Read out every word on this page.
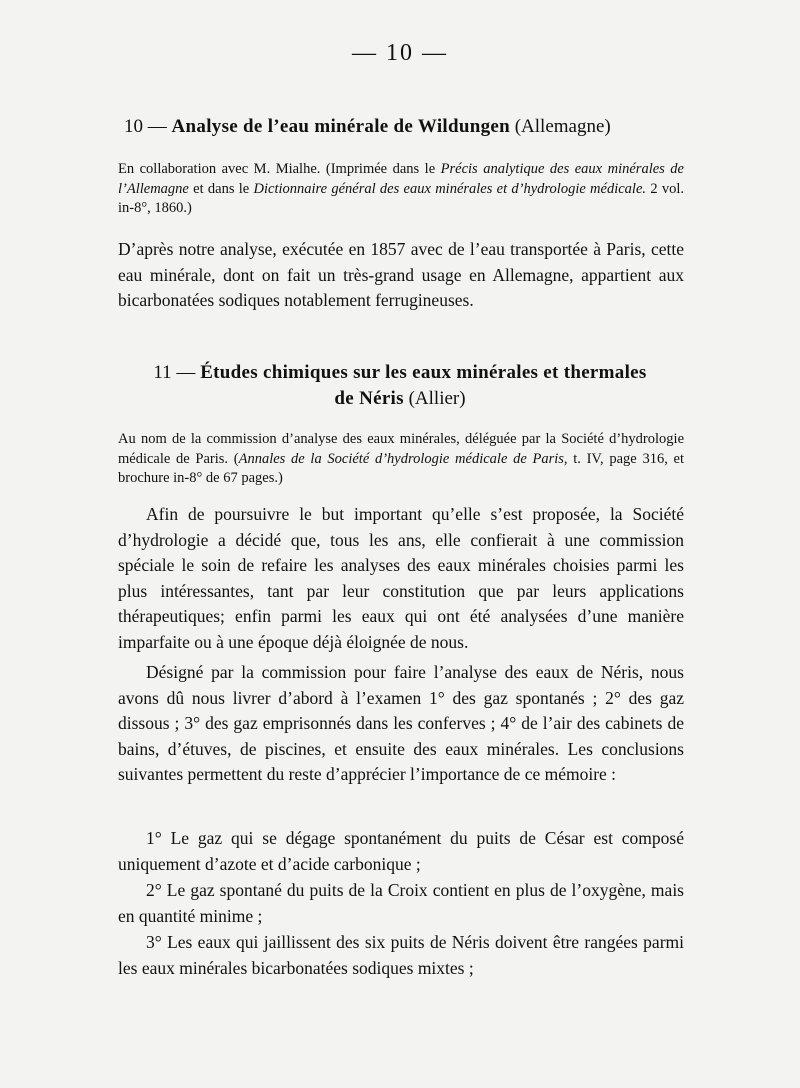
— 10 —
10 — Analyse de l’eau minérale de Wildungen (Allemagne)
En collaboration avec M. Mialhe. (Imprimée dans le Précis analytique des eaux minérales de l’Allemagne et dans le Dictionnaire général des eaux minérales et d’hydrologie médicale. 2 vol. in-8°, 1860.)

D’après notre analyse, exécutée en 1857 avec de l’eau transportée à Paris, cette eau minérale, dont on fait un très-grand usage en Allemagne, appartient aux bicarbonatées sodiques notablement ferrugineuses.

11 — Études chimiques sur les eaux minérales et thermales
de Néris (Allier)
Au nom de la commission d’analyse des eaux minérales, déléguée par la Société d’hydrologie médicale de Paris. (Annales de la Société d’hydrologie médicale de Paris, t. IV, page 316, et brochure in-8° de 67 pages.)

Afin de poursuivre le but important qu’elle s’est proposée, la Société d’hydrologie a décidé que, tous les ans, elle confierait à une commission spéciale le soin de refaire les analyses des eaux minérales choisies parmi les plus intéressantes, tant par leur constitution que par leurs applications thérapeutiques; enfin parmi les eaux qui ont été analysées d’une manière imparfaite ou à une époque déjà éloignée de nous.

Désigné par la commission pour faire l’analyse des eaux de Néris, nous avons dû nous livrer d’abord à l’examen 1° des gaz spontanés ; 2° des gaz dissous ; 3° des gaz emprisonnés dans les conferves ; 4° de l’air des cabinets de bains, d’étuves, de piscines, et ensuite des eaux minérales. Les conclusions suivantes permettent du reste d’apprécier l’importance de ce mémoire :

1° Le gaz qui se dégage spontanément du puits de César est composé uniquement d’azote et d’acide carbonique ;

2° Le gaz spontané du puits de la Croix contient en plus de l’oxygène, mais en quantité minime ;

3° Les eaux qui jaillissent des six puits de Néris doivent être rangées parmi les eaux minérales bicarbonatées sodiques mixtes ;
